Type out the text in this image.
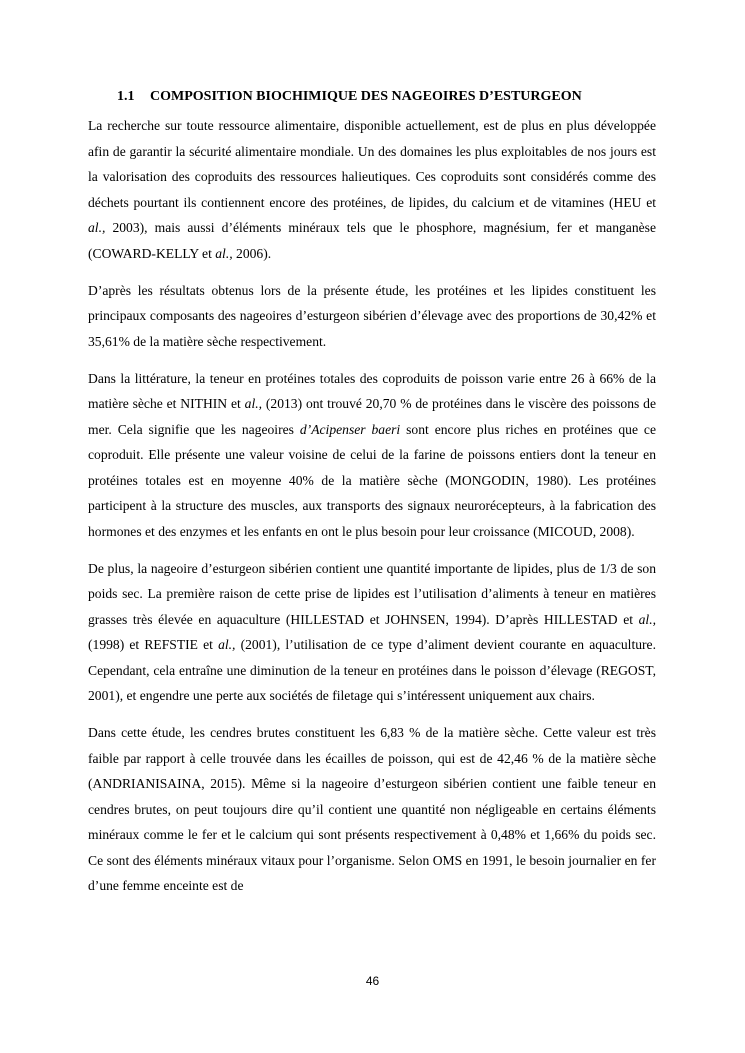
1.1 COMPOSITION BIOCHIMIQUE DES NAGEOIRES D’ESTURGEON

La recherche sur toute ressource alimentaire, disponible actuellement, est de plus en plus développée afin de garantir la sécurité alimentaire mondiale. Un des domaines les plus exploitables de nos jours est la valorisation des coproduits des ressources halieutiques. Ces coproduits sont considérés comme des déchets pourtant ils contiennent encore des protéines, de lipides, du calcium et de vitamines (HEU et al., 2003), mais aussi d’éléments minéraux tels que le phosphore, magnésium, fer et manganèse (COWARD-KELLY et al., 2006).

D’après les résultats obtenus lors de la présente étude, les protéines et les lipides constituent les principaux composants des nageoires d’esturgeon sibérien d’élevage avec des proportions de 30,42% et 35,61% de la matière sèche respectivement.

Dans la littérature, la teneur en protéines totales des coproduits de poisson varie entre 26 à 66% de la matière sèche et NITHIN et al., (2013) ont trouvé 20,70 % de protéines dans le viscère des poissons de mer. Cela signifie que les nageoires d’Acipenser baeri sont encore plus riches en protéines que ce coproduit. Elle présente une valeur voisine de celui de la farine de poissons entiers dont la teneur en protéines totales est en moyenne 40% de la matière sèche (MONGODIN, 1980). Les protéines participent à la structure des muscles, aux transports des signaux neurorécepteurs, à la fabrication des hormones et des enzymes et les enfants en ont le plus besoin pour leur croissance (MICOUD, 2008).

De plus, la nageoire d’esturgeon sibérien contient une quantité importante de lipides, plus de 1/3 de son poids sec. La première raison de cette prise de lipides est l’utilisation d’aliments à teneur en matières grasses très élevée en aquaculture (HILLESTAD et JOHNSEN, 1994). D’après HILLESTAD et al., (1998) et REFSTIE et al., (2001), l’utilisation de ce type d’aliment devient courante en aquaculture. Cependant, cela entraîne une diminution de la teneur en protéines dans le poisson d’élevage (REGOST, 2001), et engendre une perte aux sociétés de filetage qui s’intéressent uniquement aux chairs.

Dans cette étude, les cendres brutes constituent les 6,83 % de la matière sèche. Cette valeur est très faible par rapport à celle trouvée dans les écailles de poisson, qui est de 42,46 % de la matière sèche (ANDRIANISAINA, 2015). Même si la nageoire d’esturgeon sibérien contient une faible teneur en cendres brutes, on peut toujours dire qu’il contient une quantité non négligeable en certains éléments minéraux comme le fer et le calcium qui sont présents respectivement à 0,48% et 1,66% du poids sec. Ce sont des éléments minéraux vitaux pour l’organisme. Selon OMS en 1991, le besoin journalier en fer d’une femme enceinte est de

46
